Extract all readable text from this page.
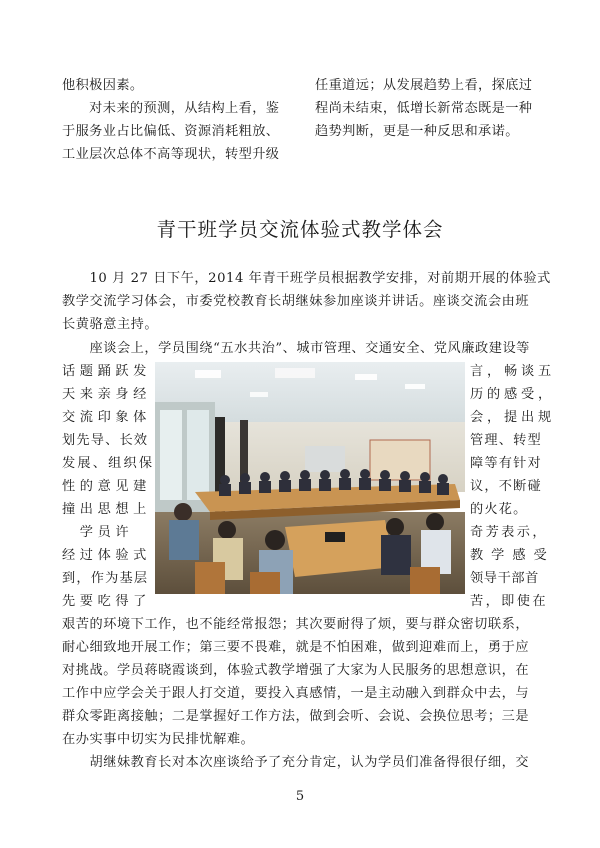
他积极因素。
　　对未来的预测，从结构上看，鉴
于服务业占比偏低、资源消耗粗放、
工业层次总体不高等现状，转型升级
任重道远；从发展趋势上看，探底过
程尚未结束，低增长新常态既是一种
趋势判断，更是一种反思和承诺。
青干班学员交流体验式教学体会
　　10 月 27 日下午，2014 年青干班学员根据教学安排，对前期开展的体验式
教学交流学习体会，市委党校教育长胡继妹参加座谈并讲话。座谈交流会由班
长黄骆意主持。
　　座谈会上，学员围绕“五水共治”、城市管理、交通安全、党风廉政建设等
话题踊跃发
天来亲身经
交流印象体
划先导、长效
发展、组织保
性的意见建
撞出思想上
　学员许
经过体验式
到，作为基层
先要吃得了
言，畅谈五
历的感受，
会，提出规
管理、转型
障等有针对
议，不断碰
的火花。
奇芳表示，
教学感受
领导干部首
苦，即使在
艰苦的环境下工作，也不能经常报怨；其次要耐得了烦，要与群众密切联系，
耐心细致地开展工作；第三要不畏难，就是不怕困难，做到迎难而上，勇于应
对挑战。学员蒋晓霞谈到，体验式教学增强了大家为人民服务的思想意识，在
工作中应学会关于跟人打交道，要投入真感情，一是主动融入到群众中去，与
群众零距离接触；二是掌握好工作方法，做到会听、会说、会换位思考；三是
在办实事中切实为民排忧解难。
　　胡继妹教育长对本次座谈给予了充分肯定，认为学员们准备得很仔细，交
5
